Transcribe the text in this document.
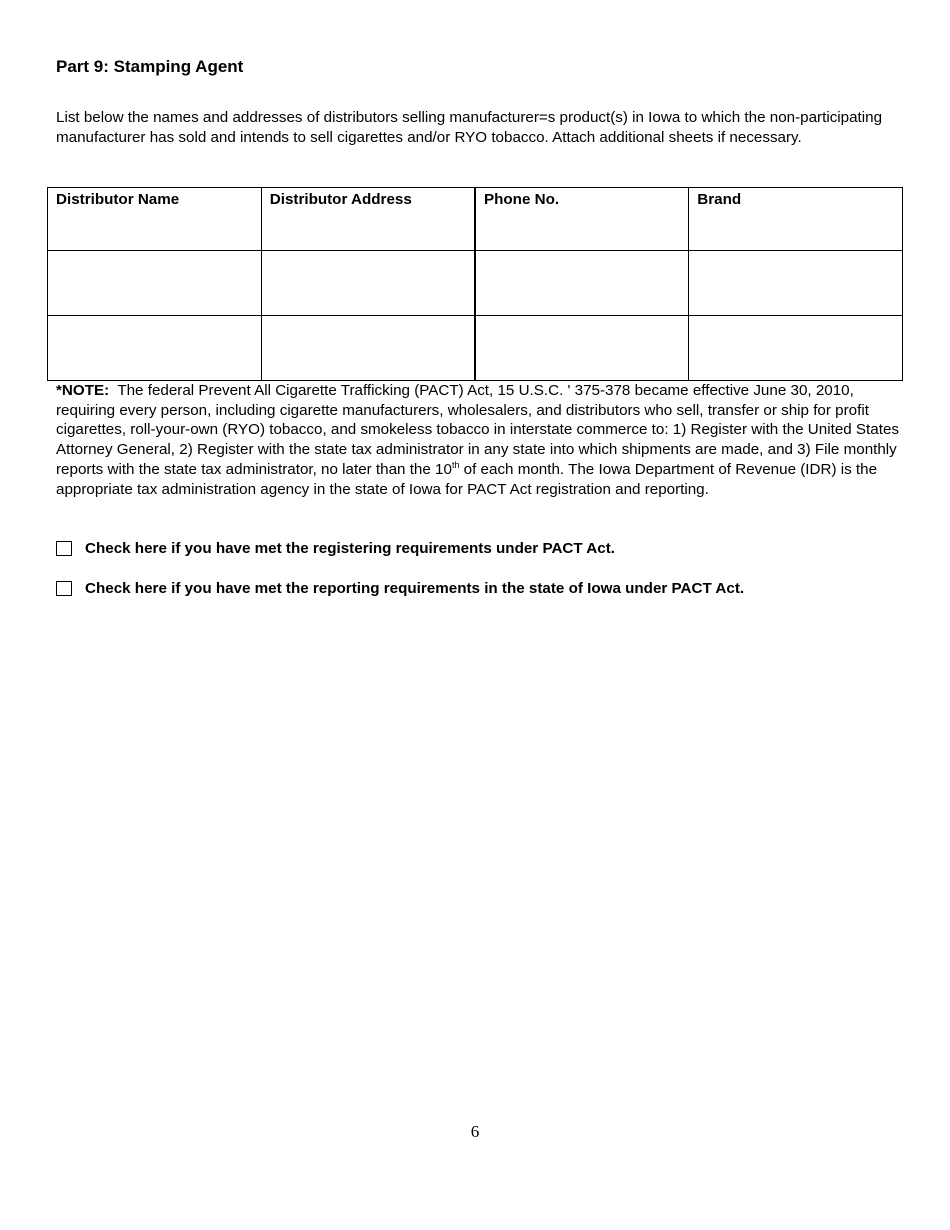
Part 9: Stamping Agent

List below the names and addresses of distributors selling manufacturer=s product(s) in Iowa to which the non-participating manufacturer has sold and intends to sell cigarettes and/or RYO tobacco. Attach additional sheets if necessary.

Distributor Name	Distributor Address	Phone No.	Brand

*NOTE: The federal Prevent All Cigarette Trafficking (PACT) Act, 15 U.S.C. ' 375-378 became effective June 30, 2010, requiring every person, including cigarette manufacturers, wholesalers, and distributors who sell, transfer or ship for profit cigarettes, roll-your-own (RYO) tobacco, and smokeless tobacco in interstate commerce to: 1) Register with the United States Attorney General, 2) Register with the state tax administrator in any state into which shipments are made, and 3) File monthly reports with the state tax administrator, no later than the 10th of each month. The Iowa Department of Revenue (IDR) is the appropriate tax administration agency in the state of Iowa for PACT Act registration and reporting.

Check here if you have met the registering requirements under PACT Act.
Check here if you have met the reporting requirements in the state of Iowa under PACT Act.
6
